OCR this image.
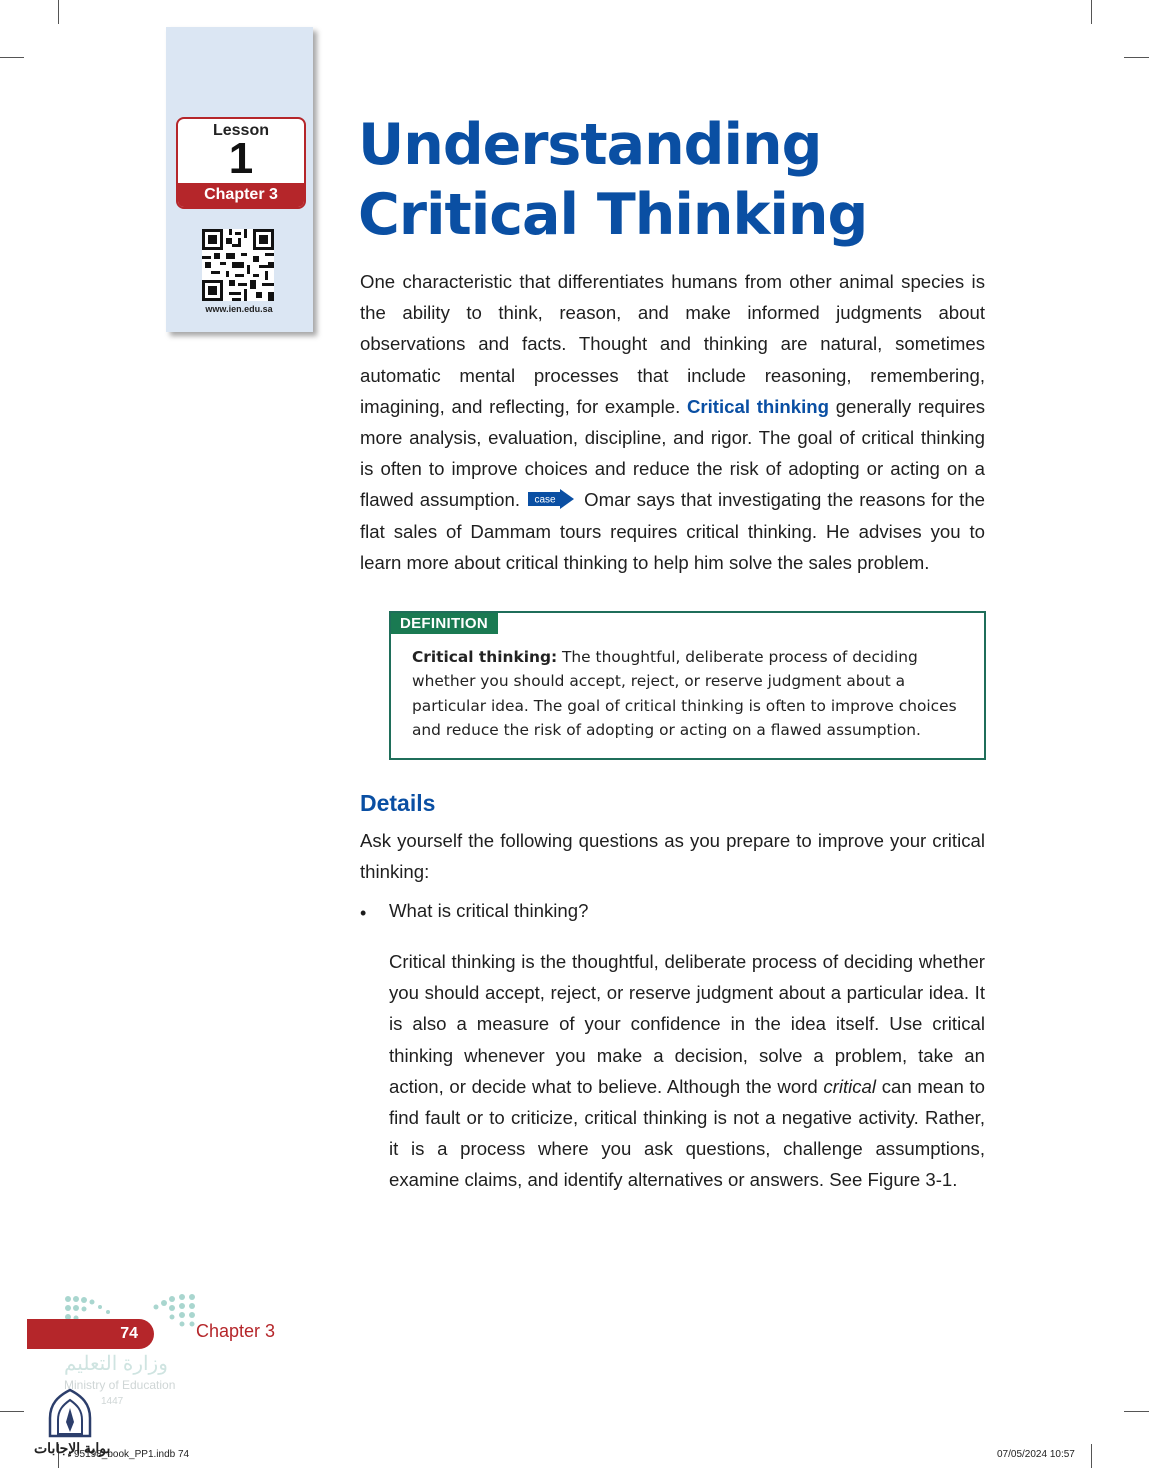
Lesson
1
Chapter 3
www.ien.edu.sa
Understanding Critical Thinking

One characteristic that differentiates humans from other animal species is the ability to think, reason, and make informed judgments about observations and facts. Thought and thinking are natural, sometimes automatic mental processes that include reasoning, remembering, imagining, and reflecting, for example. Critical thinking generally requires more analysis, evaluation, discipline, and rigor. The goal of critical thinking is often to improve choices and reduce the risk of adopting or acting on a flawed assumption. case Omar says that investigating the reasons for the flat sales of Dammam tours requires critical thinking. He advises you to learn more about critical thinking to help him solve the sales problem.

DEFINITION

Critical thinking: The thoughtful, deliberate process of deciding whether you should accept, reject, or reserve judgment about a particular idea. The goal of critical thinking is often to improve choices and reduce the risk of adopting or acting on a flawed assumption.

Details

Ask yourself the following questions as you prepare to improve your critical thinking:

• What is critical thinking?

Critical thinking is the thoughtful, deliberate process of deciding whether you should accept, reject, or reserve judgment about a particular idea. It is also a measure of your confidence in the idea itself. Use critical thinking whenever you make a decision, solve a problem, take an action, or decide what to believe. Although the word critical can mean to find fault or to criticize, critical thinking is not a negative activity. Rather, it is a process where you ask questions, challenge assumptions, examine claims, and identify alternatives or answers. See Figure 3-1.

74	Chapter 3
وزارة التعليم
Ministry of Education
1447
بوابة الإجابات
95198_book_PP1.indb 74	07/05/2024 10:57
